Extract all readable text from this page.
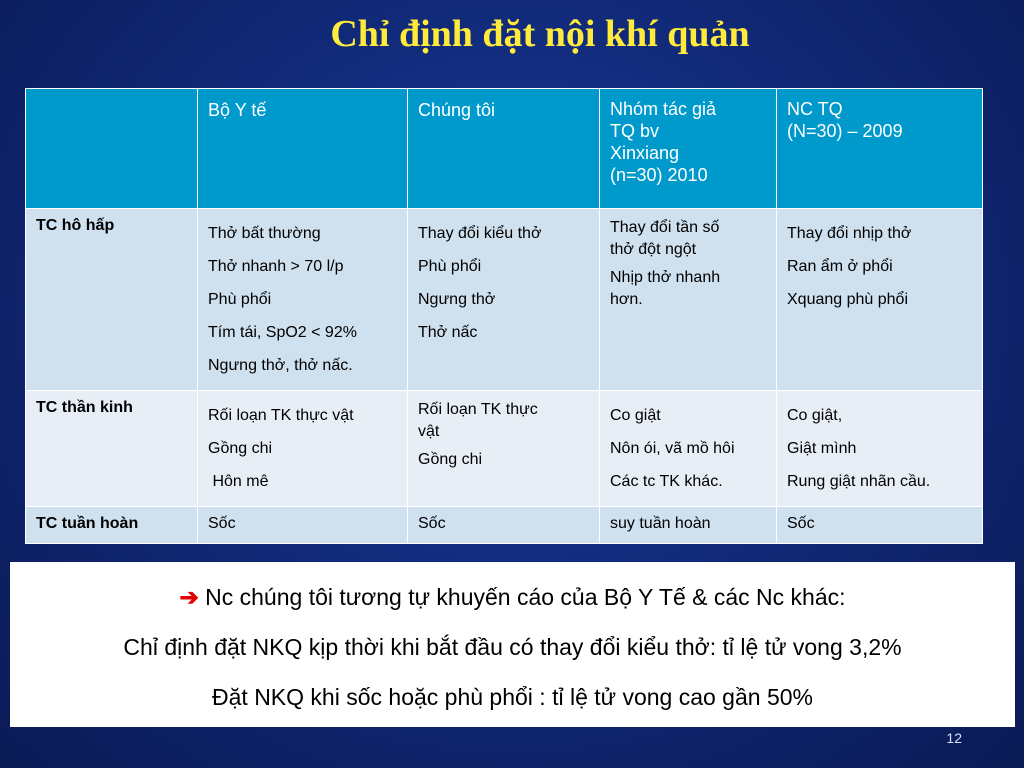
Chỉ định đặt nội khí quản
	Bộ Y tế	Chúng tôi	Nhóm tác giả
TQ bv
Xinxiang
(n=30) 2010	NC TQ
(N=30) – 2009

TC hô hấp	Thở bất thường
Thở nhanh > 70 l/p
Phù phổi
Tím tái, SpO2 < 92%
Ngưng thở, thở nấc.	Thay đổi kiểu thở
Phù phổi
Ngưng thở
Thở nấc	Thay đổi tần số
thở đột ngột
Nhịp thở nhanh
hơn.	Thay đổi nhịp thở
Ran ẩm ở phổi
Xquang phù phổi

TC thần kinh	Rối loạn TK thực vật
Gồng chi
Hôn mê	Rối loạn TK thực
vật
Gồng chi	Co giật
Nôn ói, vã mồ hôi
Các tc TK khác.	Co giật,
Giật mình
Rung giật nhãn cầu.

TC tuần hoàn	Sốc	Sốc	suy tuần hoàn	Sốc
➔ Nc chúng tôi tương tự khuyến cáo của Bộ Y Tế & các Nc khác:
Chỉ định đặt NKQ kịp thời khi bắt đầu có thay đổi kiểu thở: tỉ lệ tử vong 3,2%
Đặt NKQ khi sốc hoặc phù phổi : tỉ lệ tử vong cao gần 50%
12
